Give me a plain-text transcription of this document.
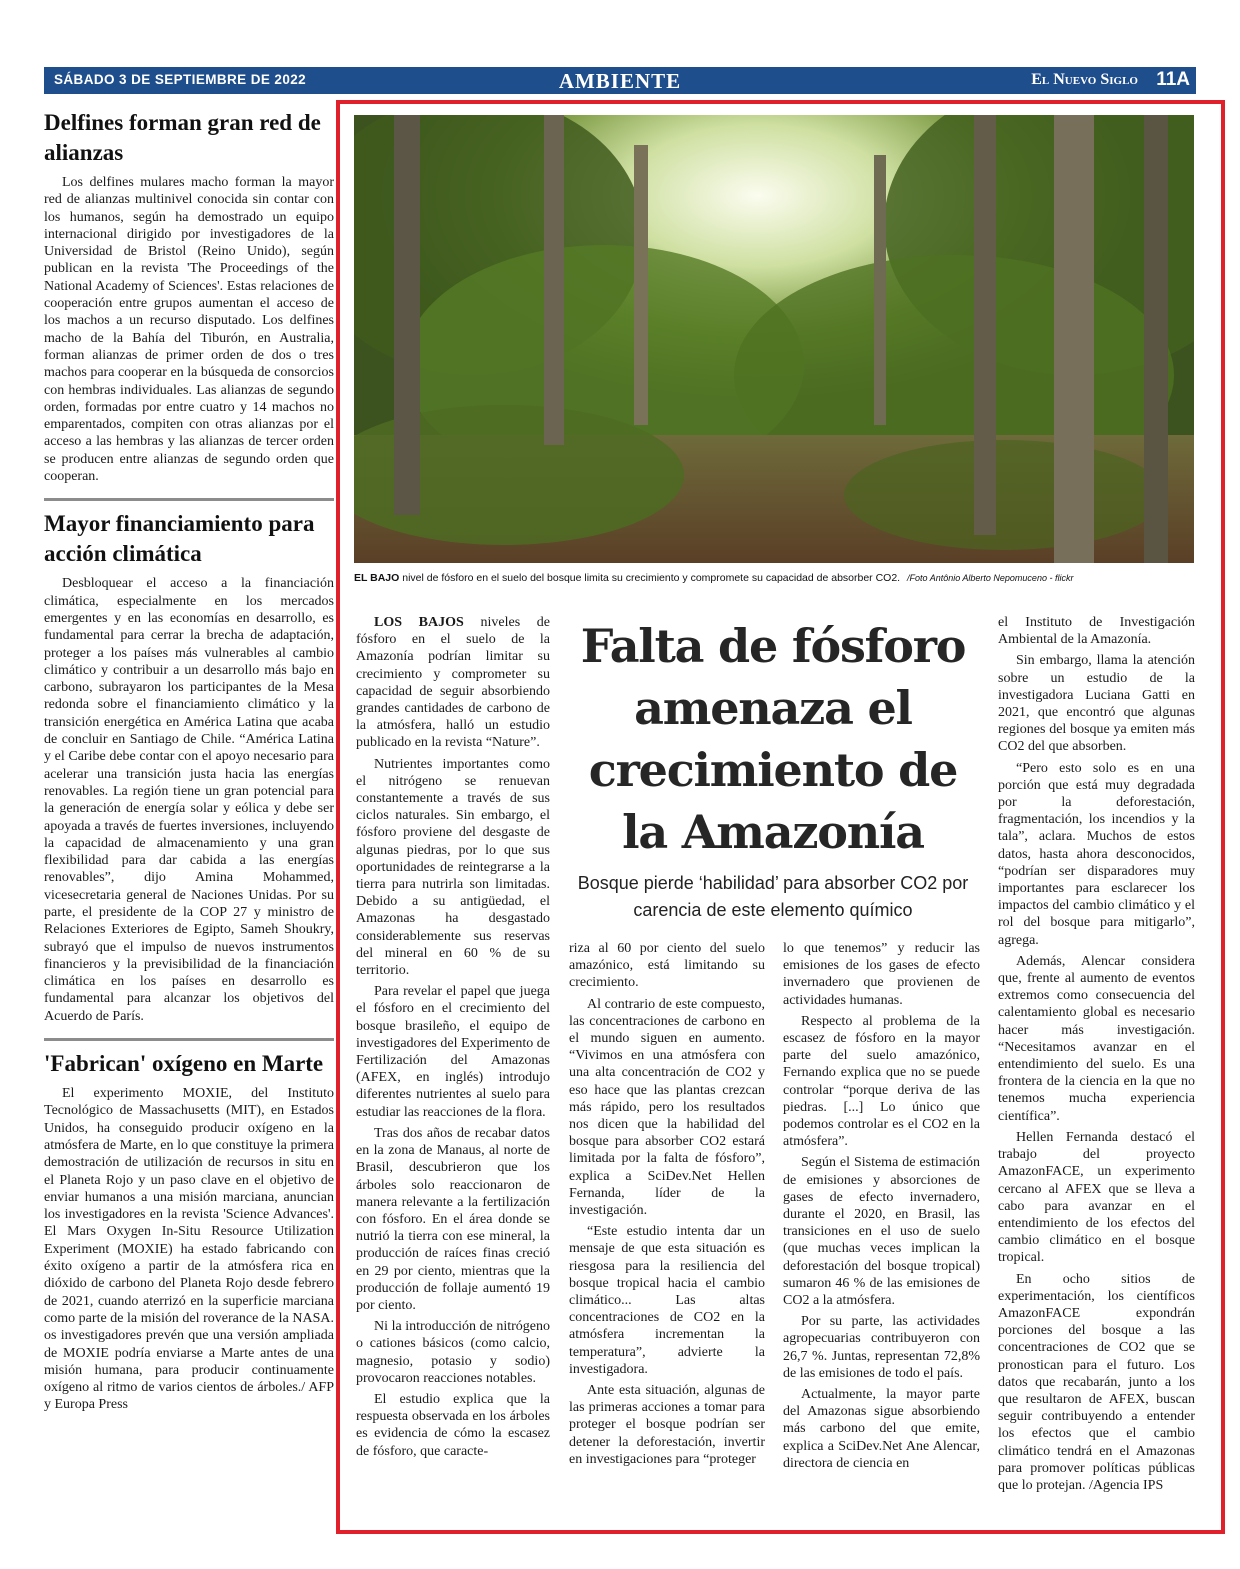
SÁBADO 3 DE SEPTIEMBRE DE 2022	AMBIENTE	El Nuevo Siglo 11A
Delfines forman gran red de alianzas

Los delfines mulares macho forman la mayor red de alianzas multinivel conocida sin contar con los humanos, según ha demostrado un equipo internacional dirigido por investigadores de la Universidad de Bristol (Reino Unido), según publican en la revista 'The Proceedings of the National Academy of Sciences'. Estas relaciones de cooperación entre grupos aumentan el acceso de los machos a un recurso disputado. Los delfines macho de la Bahía del Tiburón, en Australia, forman alianzas de primer orden de dos o tres machos para cooperar en la búsqueda de consorcios con hembras individuales. Las alianzas de segundo orden, formadas por entre cuatro y 14 machos no emparentados, compiten con otras alianzas por el acceso a las hembras y las alianzas de tercer orden se producen entre alianzas de segundo orden que cooperan.

Mayor financiamiento para acción climática

Desbloquear el acceso a la financiación climática, especialmente en los mercados emergentes y en las economías en desarrollo, es fundamental para cerrar la brecha de adaptación, proteger a los países más vulnerables al cambio climático y contribuir a un desarrollo más bajo en carbono, subrayaron los participantes de la Mesa redonda sobre el financiamiento climático y la transición energética en América Latina que acaba de concluir en Santiago de Chile. “América Latina y el Caribe debe contar con el apoyo necesario para acelerar una transición justa hacia las energías renovables. La región tiene un gran potencial para la generación de energía solar y eólica y debe ser apoyada a través de fuertes inversiones, incluyendo la capacidad de almacenamiento y una gran flexibilidad para dar cabida a las energías renovables”, dijo Amina Mohammed, vicesecretaria general de Naciones Unidas. Por su parte, el presidente de la COP 27 y ministro de Relaciones Exteriores de Egipto, Sameh Shoukry, subrayó que el impulso de nuevos instrumentos financieros y la previsibilidad de la financiación climática en los países en desarrollo es fundamental para alcanzar los objetivos del Acuerdo de París.

'Fabrican' oxígeno en Marte

El experimento MOXIE, del Instituto Tecnológico de Massachusetts (MIT), en Estados Unidos, ha conseguido producir oxígeno en la atmósfera de Marte, en lo que constituye la primera demostración de utilización de recursos in situ en el Planeta Rojo y un paso clave en el objetivo de enviar humanos a una misión marciana, anuncian los investigadores en la revista 'Science Advances'. El Mars Oxygen In-Situ Resource Utilization Experiment (MOXIE) ha estado fabricando con éxito oxígeno a partir de la atmósfera rica en dióxido de carbono del Planeta Rojo desde febrero de 2021, cuando aterrizó en la superficie marciana como parte de la misión del roverance de la NASA. os investigadores prevén que una versión ampliada de MOXIE podría enviarse a Marte antes de una misión humana, para producir continuamente oxígeno al ritmo de varios cientos de árboles./ AFP y Europa Press

EL BAJO nivel de fósforo en el suelo del bosque limita su crecimiento y compromete su capacidad de absorber CO2. /Foto Antônio Alberto Nepomuceno - flickr
Falta de fósforo amenaza el crecimiento de la Amazonía

Bosque pierde ‘habilidad’ para absorber CO2 por carencia de este elemento químico

LOS BAJOS niveles de fósforo en el suelo de la Amazonía podrían limitar su crecimiento y comprometer su capacidad de seguir absorbiendo grandes cantidades de carbono de la atmósfera, halló un estudio publicado en la revista “Nature”.

Nutrientes importantes como el nitrógeno se renuevan constantemente a través de sus ciclos naturales. Sin embargo, el fósforo proviene del desgaste de algunas piedras, por lo que sus oportunidades de reintegrarse a la tierra para nutrirla son limitadas. Debido a su antigüedad, el Amazonas ha desgastado considerablemente sus reservas del mineral en 60 % de su territorio.

Para revelar el papel que juega el fósforo en el crecimiento del bosque brasileño, el equipo de investigadores del Experimento de Fertilización del Amazonas (AFEX, en inglés) introdujo diferentes nutrientes al suelo para estudiar las reacciones de la flora.

Tras dos años de recabar datos en la zona de Manaus, al norte de Brasil, descubrieron que los árboles solo reaccionaron de manera relevante a la fertilización con fósforo. En el área donde se nutrió la tierra con ese mineral, la producción de raíces finas creció en 29 por ciento, mientras que la producción de follaje aumentó 19 por ciento.

Ni la introducción de nitrógeno o cationes básicos (como calcio, magnesio, potasio y sodio) provocaron reacciones notables.

El estudio explica que la respuesta observada en los árboles es evidencia de cómo la escasez de fósforo, que caracte-

riza al 60 por ciento del suelo amazónico, está limitando su crecimiento.

Al contrario de este compuesto, las concentraciones de carbono en el mundo siguen en aumento. “Vivimos en una atmósfera con una alta concentración de CO2 y eso hace que las plantas crezcan más rápido, pero los resultados nos dicen que la habilidad del bosque para absorber CO2 estará limitada por la falta de fósforo”, explica a SciDev.Net Hellen Fernanda, líder de la investigación.

“Este estudio intenta dar un mensaje de que esta situación es riesgosa para la resiliencia del bosque tropical hacia el cambio climático... Las altas concentraciones de CO2 en la atmósfera incrementan la temperatura”, advierte la investigadora.

Ante esta situación, algunas de las primeras acciones a tomar para proteger el bosque podrían ser detener la deforestación, invertir en investigaciones para “proteger

lo que tenemos” y reducir las emisiones de los gases de efecto invernadero que provienen de actividades humanas.

Respecto al problema de la escasez de fósforo en la mayor parte del suelo amazónico, Fernando explica que no se puede controlar “porque deriva de las piedras. [...] Lo único que podemos controlar es el CO2 en la atmósfera”.

Según el Sistema de estimación de emisiones y absorciones de gases de efecto invernadero, durante el 2020, en Brasil, las transiciones en el uso de suelo (que muchas veces implican la deforestación del bosque tropical) sumaron 46 % de las emisiones de CO2 a la atmósfera.

Por su parte, las actividades agropecuarias contribuyeron con 26,7 %. Juntas, representan 72,8% de las emisiones de todo el país.

Actualmente, la mayor parte del Amazonas sigue absorbiendo más carbono del que emite, explica a SciDev.Net Ane Alencar, directora de ciencia en

el Instituto de Investigación Ambiental de la Amazonía.

Sin embargo, llama la atención sobre un estudio de la investigadora Luciana Gatti en 2021, que encontró que algunas regiones del bosque ya emiten más CO2 del que absorben.

“Pero esto solo es en una porción que está muy degradada por la deforestación, fragmentación, los incendios y la tala”, aclara. Muchos de estos datos, hasta ahora desconocidos, “podrían ser disparadores muy importantes para esclarecer los impactos del cambio climático y el rol del bosque para mitigarlo”, agrega.

Además, Alencar considera que, frente al aumento de eventos extremos como consecuencia del calentamiento global es necesario hacer más investigación. “Necesitamos avanzar en el entendimiento del suelo. Es una frontera de la ciencia en la que no tenemos mucha experiencia científica”.

Hellen Fernanda destacó el trabajo del proyecto AmazonFACE, un experimento cercano al AFEX que se lleva a cabo para avanzar en el entendimiento de los efectos del cambio climático en el bosque tropical.

En ocho sitios de experimentación, los científicos AmazonFACE expondrán porciones del bosque a las concentraciones de CO2 que se pronostican para el futuro. Los datos que recabarán, junto a los que resultaron de AFEX, buscan seguir contribuyendo a entender los efectos que el cambio climático tendrá en el Amazonas para promover políticas públicas que lo protejan. /Agencia IPS
